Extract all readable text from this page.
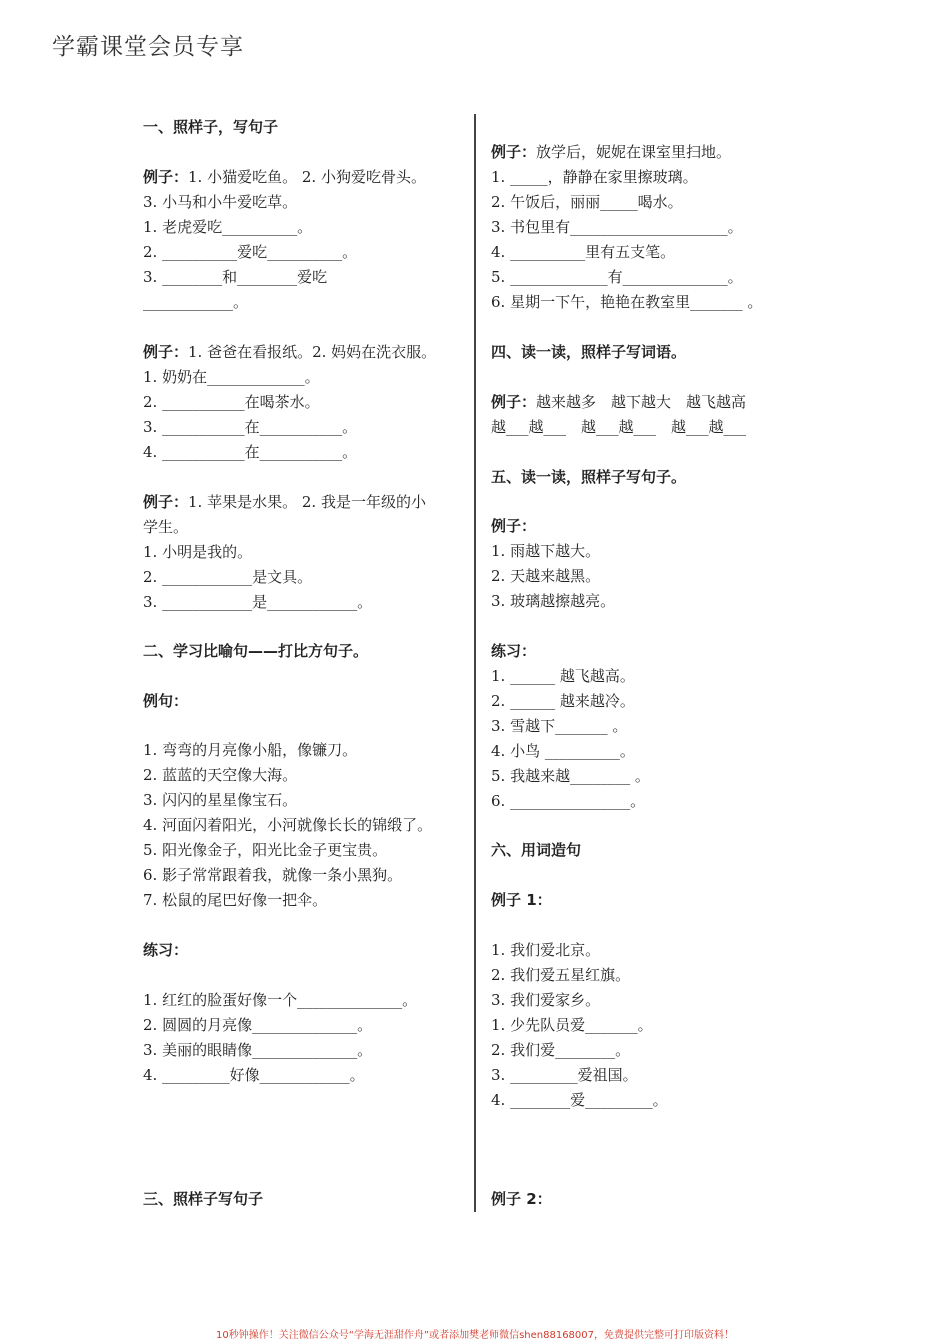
学霸课堂会员专享
一、照样子，写句子
例子：1. 小猫爱吃鱼。 2. 小狗爱吃骨头。
3. 小马和小牛爱吃草。
1. 老虎爱吃__________。
2. __________爱吃__________。
3. ________和________爱吃
____________。
例子：1. 爸爸在看报纸。2. 妈妈在洗衣服。
1. 奶奶在_____________。
2. ___________在喝茶水。
3. ___________在___________。
4. ___________在___________。
例子：1. 苹果是水果。 2. 我是一年级的小
学生。
1. 小明是我的。
2. ____________是文具。
3. ____________是____________。
二、学习比喻句——打比方句子。
例句：
1. 弯弯的月亮像小船，像镰刀。
2. 蓝蓝的天空像大海。
3. 闪闪的星星像宝石。
4. 河面闪着阳光，小河就像长长的锦缎了。
5. 阳光像金子，阳光比金子更宝贵。
6. 影子常常跟着我，就像一条小黑狗。
7. 松鼠的尾巴好像一把伞。
练习：
1. 红红的脸蛋好像一个______________。
2. 圆圆的月亮像______________。
3. 美丽的眼睛像______________。
4. _________好像____________。
三、照样子写句子
例子：放学后，妮妮在课室里扫地。
1. _____，静静在家里擦玻璃。
2. 午饭后，丽丽_____喝水。
3. 书包里有_____________________。
4. __________里有五支笔。
5. _____________有______________。
6. 星期一下午，艳艳在教室里_______ 。
四、读一读，照样子写词语。
例子：越来越多　越下越大　越飞越高
越___越___　越___越___　越___越___
五、读一读，照样子写句子。
例子：
1. 雨越下越大。
2. 天越来越黑。
3. 玻璃越擦越亮。
练习：
1. ______ 越飞越高。
2. ______ 越来越冷。
3. 雪越下_______ 。
4. 小鸟 __________。
5. 我越来越________ 。
6. ________________。
六、用词造句
例子 1：
1. 我们爱北京。
2. 我们爱五星红旗。
3. 我们爱家乡。
1. 少先队员爱_______。
2. 我们爱________。
3. _________爱祖国。
4. ________爱_________。
例子 2：
10秒钟操作！关注微信公众号“学海无涯甜作舟”或者添加樊老师微信shen88168007，免费提供完整可打印版资料！
